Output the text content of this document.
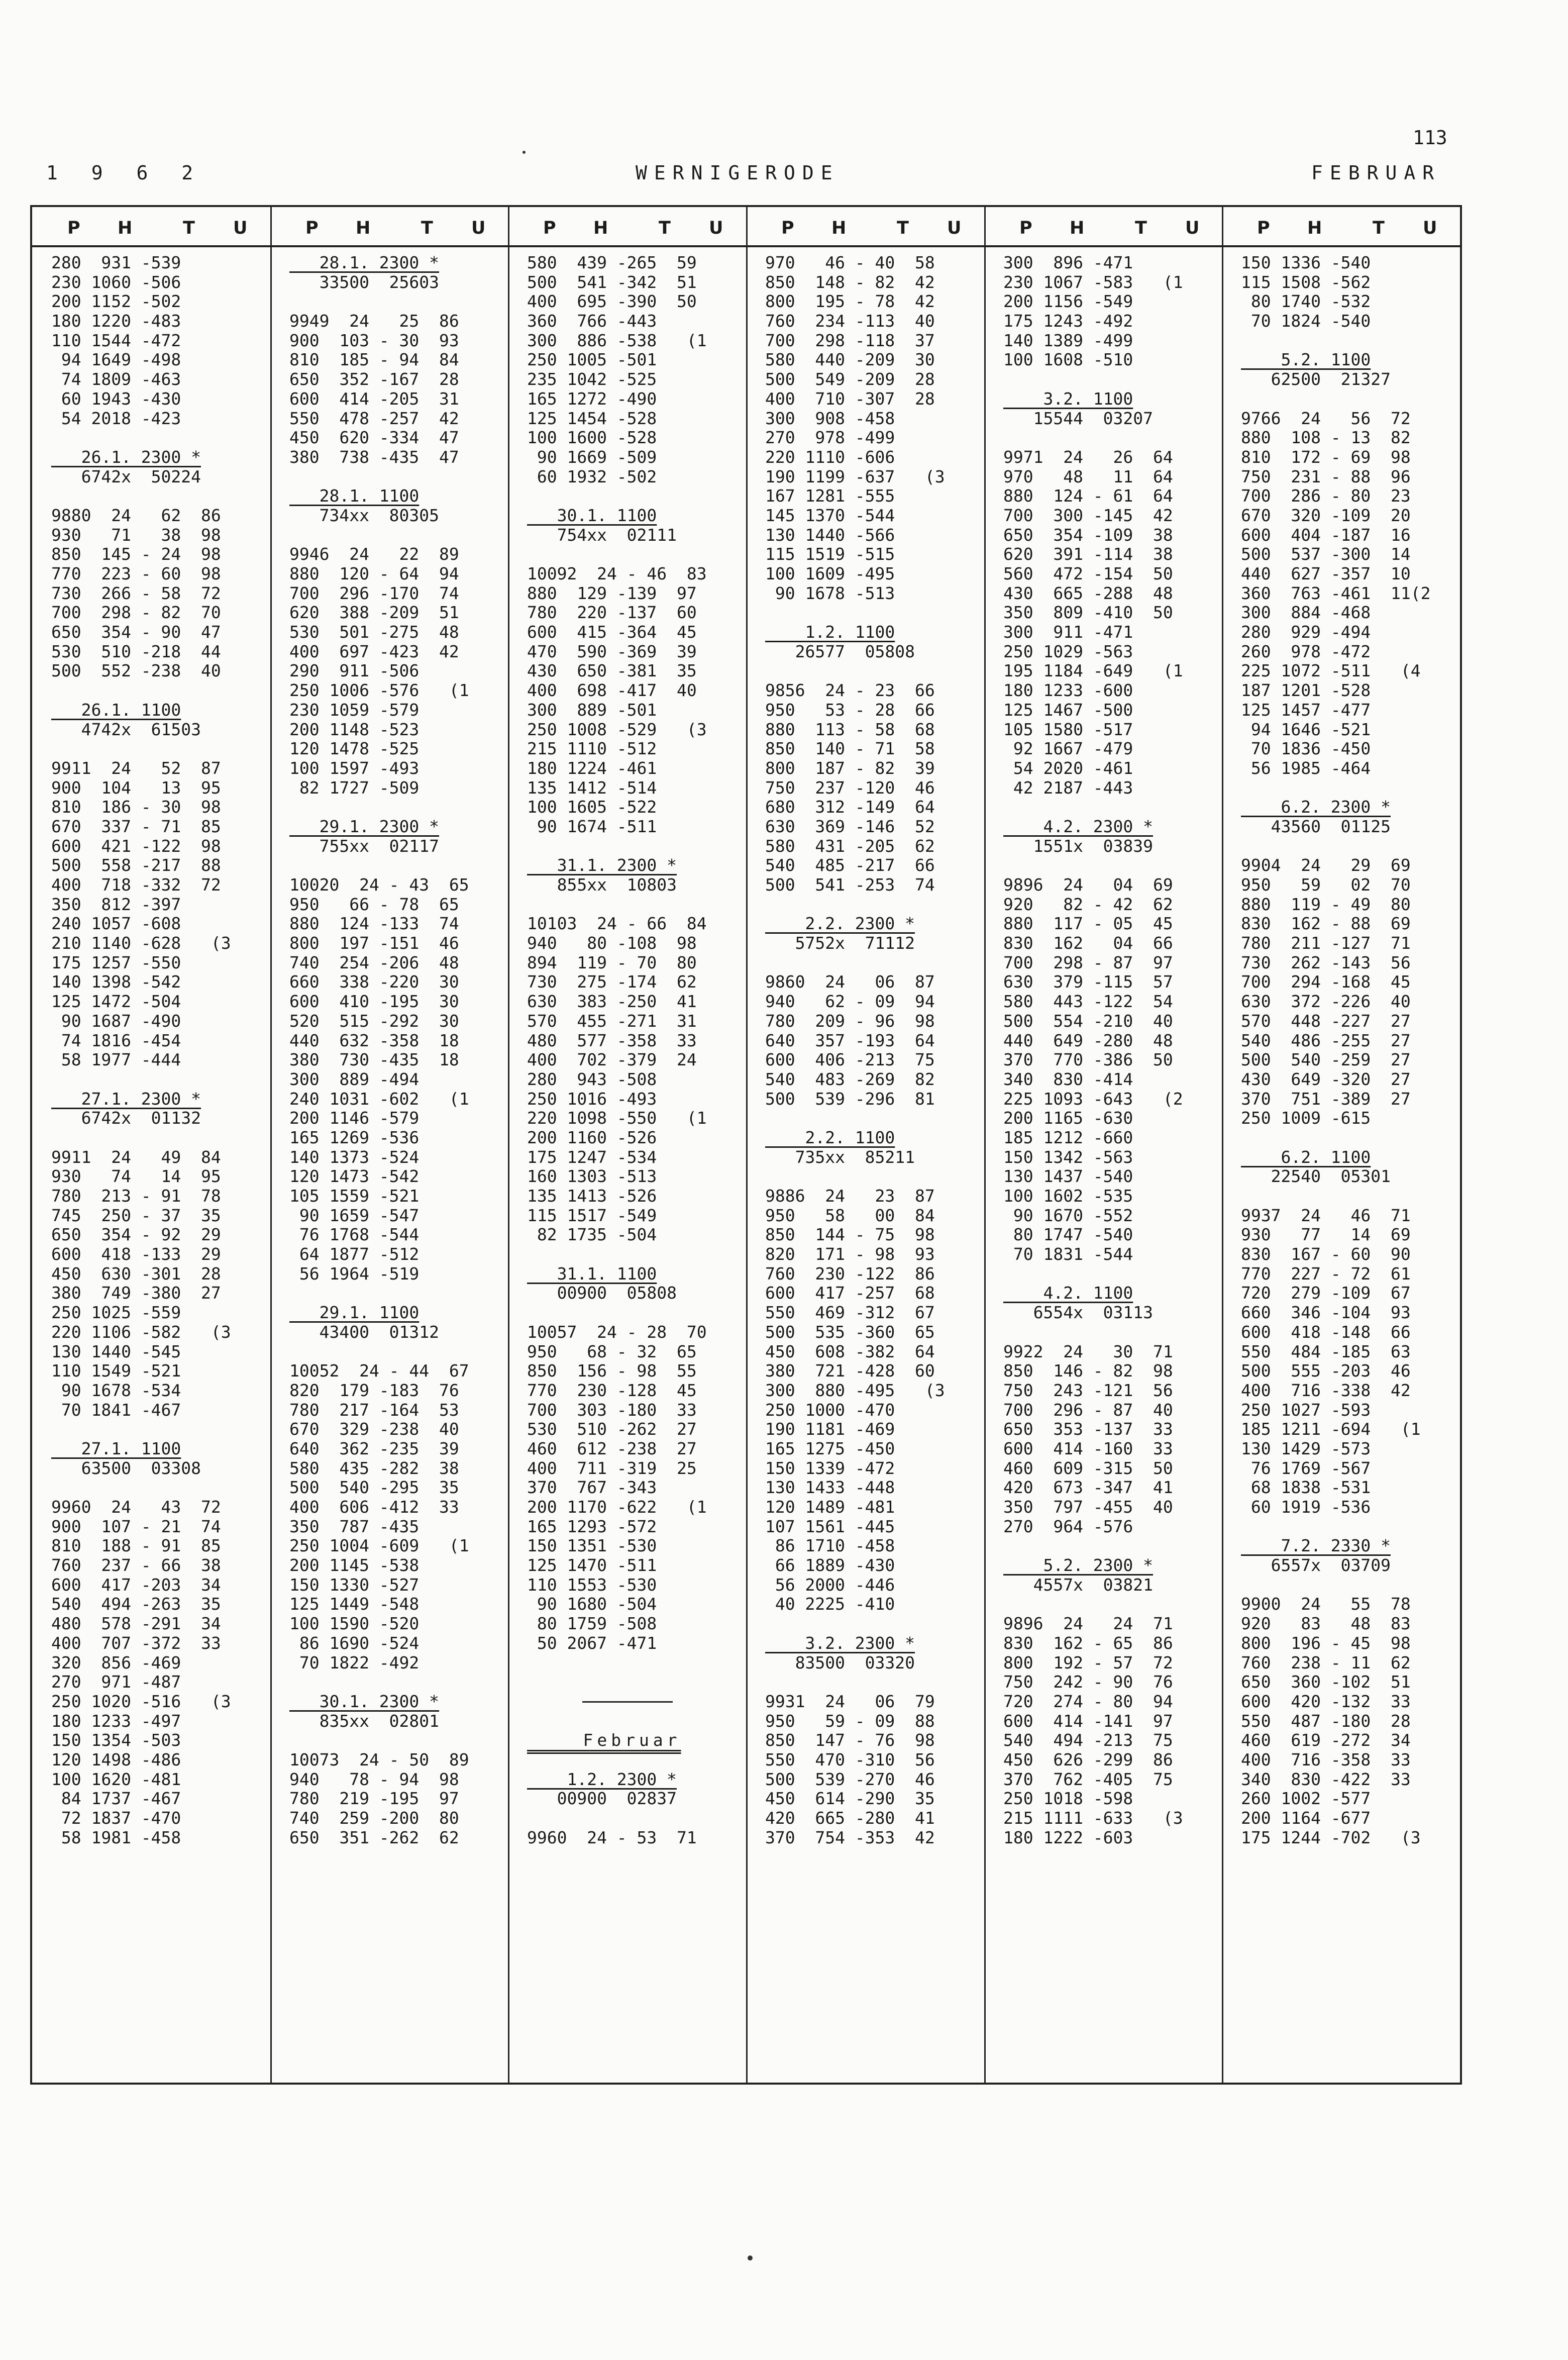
113
1 9 6 2	WERNIGERODE	FEBRUAR
P H	T U
280  931 -539
230 1060 -506
200 1152 -502
180 1220 -483
110 1544 -472
94 1649 -498
74 1809 -463
60 1943 -430
54 2018 -423
26.1. 2300 *
6742x  50224
9880  24   62  86
930   71   38  98
850  145 - 24  98
770  223 - 60  98
730  266 - 58  72
700  298 - 82  70
650  354 - 90  47
530  510 -218  44
500  552 -238  40
26.1. 1100
4742x  61503
9911  24   52  87
900  104   13  95
810  186 - 30  98
670  337 - 71  85
600  421 -122  98
500  558 -217  88
400  718 -332  72
350  812 -397
240 1057 -608
210 1140 -628   (3
175 1257 -550
140 1398 -542
125 1472 -504
90 1687 -490
74 1816 -454
58 1977 -444
27.1. 2300 *
6742x  01132
9911  24   49  84
930   74   14  95
780  213 - 91  78
745  250 - 37  35
650  354 - 92  29
600  418 -133  29
450  630 -301  28
380  749 -380  27
250 1025 -559
220 1106 -582   (3
130 1440 -545
110 1549 -521
90 1678 -534
70 1841 -467
27.1. 1100
63500  03308
9960  24   43  72
900  107 - 21  74
810  188 - 91  85
760  237 - 66  38
600  417 -203  34
540  494 -263  35
480  578 -291  34
400  707 -372  33
320  856 -469
270  971 -487
250 1020 -516   (3
180 1233 -497
150 1354 -503
120 1498 -486
100 1620 -481
84 1737 -467
72 1837 -470
58 1981 -458
P H	T U
28.1. 2300 *
33500  25603
9949  24   25  86
900  103 - 30  93
810  185 - 94  84
650  352 -167  28
600  414 -205  31
550  478 -257  42
450  620 -334  47
380  738 -435  47
28.1. 1100
734xx  80305
9946  24   22  89
880  120 - 64  94
700  296 -170  74
620  388 -209  51
530  501 -275  48
400  697 -423  42
290  911 -506
250 1006 -576   (1
230 1059 -579
200 1148 -523
120 1478 -525
100 1597 -493
82 1727 -509
29.1. 2300 *
755xx  02117
10020  24 - 43  65
950   66 - 78  65
880  124 -133  74
800  197 -151  46
740  254 -206  48
660  338 -220  30
600  410 -195  30
520  515 -292  30
440  632 -358  18
380  730 -435  18
300  889 -494
240 1031 -602   (1
200 1146 -579
165 1269 -536
140 1373 -524
120 1473 -542
105 1559 -521
90 1659 -547
76 1768 -544
64 1877 -512
56 1964 -519
29.1. 1100
43400  01312
10052  24 - 44  67
820  179 -183  76
780  217 -164  53
670  329 -238  40
640  362 -235  39
580  435 -282  38
500  540 -295  35
400  606 -412  33
350  787 -435
250 1004 -609   (1
200 1145 -538
150 1330 -527
125 1449 -548
100 1590 -520
86 1690 -524
70 1822 -492
30.1. 2300 *
835xx  02801
10073  24 - 50  89
940   78 - 94  98
780  219 -195  97
740  259 -200  80
650  351 -262  62
P H	T U
580  439 -265  59
500  541 -342  51
400  695 -390  50
360  766 -443
300  886 -538   (1
250 1005 -501
235 1042 -525
165 1272 -490
125 1454 -528
100 1600 -528
90 1669 -509
60 1932 -502
30.1. 1100
754xx  02111
10092  24 - 46  83
880  129 -139  97
780  220 -137  60
600  415 -364  45
470  590 -369  39
430  650 -381  35
400  698 -417  40
300  889 -501
250 1008 -529   (3
215 1110 -512
180 1224 -461
135 1412 -514
100 1605 -522
90 1674 -511
31.1. 2300 *
855xx  10803
10103  24 - 66  84
940   80 -108  98
894  119 - 70  80
730  275 -174  62
630  383 -250  41
570  455 -271  31
480  577 -358  33
400  702 -379  24
280  943 -508
250 1016 -493
220 1098 -550   (1
200 1160 -526
175 1247 -534
160 1303 -513
135 1413 -526
115 1517 -549
82 1735 -504
31.1. 1100
00900  05808
10057  24 - 28  70
950   68 - 32  65
850  156 - 98  55
770  230 -128  45
700  303 -180  33
530  510 -262  27
460  612 -238  27
400  711 -319  25
370  767 -343
200 1170 -622   (1
165 1293 -572
150 1351 -530
125 1470 -511
110 1553 -530
90 1680 -504
80 1759 -508
50 2067 -471
Februar
1.2. 2300 *
00900  02837
9960  24 - 53  71
P H	T U
970   46 - 40  58
850  148 - 82  42
800  195 - 78  42
760  234 -113  40
700  298 -118  37
580  440 -209  30
500  549 -209  28
400  710 -307  28
300  908 -458
270  978 -499
220 1110 -606
190 1199 -637   (3
167 1281 -555
145 1370 -544
130 1440 -566
115 1519 -515
100 1609 -495
90 1678 -513
1.2. 1100
26577  05808
9856  24 - 23  66
950   53 - 28  66
880  113 - 58  68
850  140 - 71  58
800  187 - 82  39
750  237 -120  46
680  312 -149  64
630  369 -146  52
580  431 -205  62
540  485 -217  66
500  541 -253  74
2.2. 2300 *
5752x  71112
9860  24   06  87
940   62 - 09  94
780  209 - 96  98
640  357 -193  64
600  406 -213  75
540  483 -269  82
500  539 -296  81
2.2. 1100
735xx  85211
9886  24   23  87
950   58   00  84
850  144 - 75  98
820  171 - 98  93
760  230 -122  86
600  417 -257  68
550  469 -312  67
500  535 -360  65
450  608 -382  64
380  721 -428  60
300  880 -495   (3
250 1000 -470
190 1181 -469
165 1275 -450
150 1339 -472
130 1433 -448
120 1489 -481
107 1561 -445
86 1710 -458
66 1889 -430
56 2000 -446
40 2225 -410
3.2. 2300 *
83500  03320
9931  24   06  79
950   59 - 09  88
850  147 - 76  98
550  470 -310  56
500  539 -270  46
450  614 -290  35
420  665 -280  41
370  754 -353  42
P H	T U
300  896 -471
230 1067 -583   (1
200 1156 -549
175 1243 -492
140 1389 -499
100 1608 -510
3.2. 1100
15544  03207
9971  24   26  64
970   48   11  64
880  124 - 61  64
700  300 -145  42
650  354 -109  38
620  391 -114  38
560  472 -154  50
430  665 -288  48
350  809 -410  50
300  911 -471
250 1029 -563
195 1184 -649   (1
180 1233 -600
125 1467 -500
105 1580 -517
92 1667 -479
54 2020 -461
42 2187 -443
4.2. 2300 *
1551x  03839
9896  24   04  69
920   82 - 42  62
880  117 - 05  45
830  162   04  66
700  298 - 87  97
630  379 -115  57
580  443 -122  54
500  554 -210  40
440  649 -280  48
370  770 -386  50
340  830 -414
225 1093 -643   (2
200 1165 -630
185 1212 -660
150 1342 -563
130 1437 -540
100 1602 -535
90 1670 -552
80 1747 -540
70 1831 -544
4.2. 1100
6554x  03113
9922  24   30  71
850  146 - 82  98
750  243 -121  56
700  296 - 87  40
650  353 -137  33
600  414 -160  33
460  609 -315  50
420  673 -347  41
350  797 -455  40
270  964 -576
5.2. 2300 *
4557x  03821
9896  24   24  71
830  162 - 65  86
800  192 - 57  72
750  242 - 90  76
720  274 - 80  94
600  414 -141  97
540  494 -213  75
450  626 -299  86
370  762 -405  75
250 1018 -598
215 1111 -633   (3
180 1222 -603
P H	T U
150 1336 -540
115 1508 -562
80 1740 -532
70 1824 -540
5.2. 1100
62500  21327
9766  24   56  72
880  108 - 13  82
810  172 - 69  98
750  231 - 88  96
700  286 - 80  23
670  320 -109  20
600  404 -187  16
500  537 -300  14
440  627 -357  10
360  763 -461  11(2
300  884 -468
280  929 -494
260  978 -472
225 1072 -511   (4
187 1201 -528
125 1457 -477
94 1646 -521
70 1836 -450
56 1985 -464
6.2. 2300 *
43560  01125
9904  24   29  69
950   59   02  70
880  119 - 49  80
830  162 - 88  69
780  211 -127  71
730  262 -143  56
700  294 -168  45
630  372 -226  40
570  448 -227  27
540  486 -255  27
500  540 -259  27
430  649 -320  27
370  751 -389  27
250 1009 -615
6.2. 1100
22540  05301
9937  24   46  71
930   77   14  69
830  167 - 60  90
770  227 - 72  61
720  279 -109  67
660  346 -104  93
600  418 -148  66
550  484 -185  63
500  555 -203  46
400  716 -338  42
250 1027 -593
185 1211 -694   (1
130 1429 -573
76 1769 -567
68 1838 -531
60 1919 -536
7.2. 2330 *
6557x  03709
9900  24   55  78
920   83   48  83
800  196 - 45  98
760  238 - 11  62
650  360 -102  51
600  420 -132  33
550  487 -180  28
460  619 -272  34
400  716 -358  33
340  830 -422  33
260 1002 -577
200 1164 -677
175 1244 -702   (3
